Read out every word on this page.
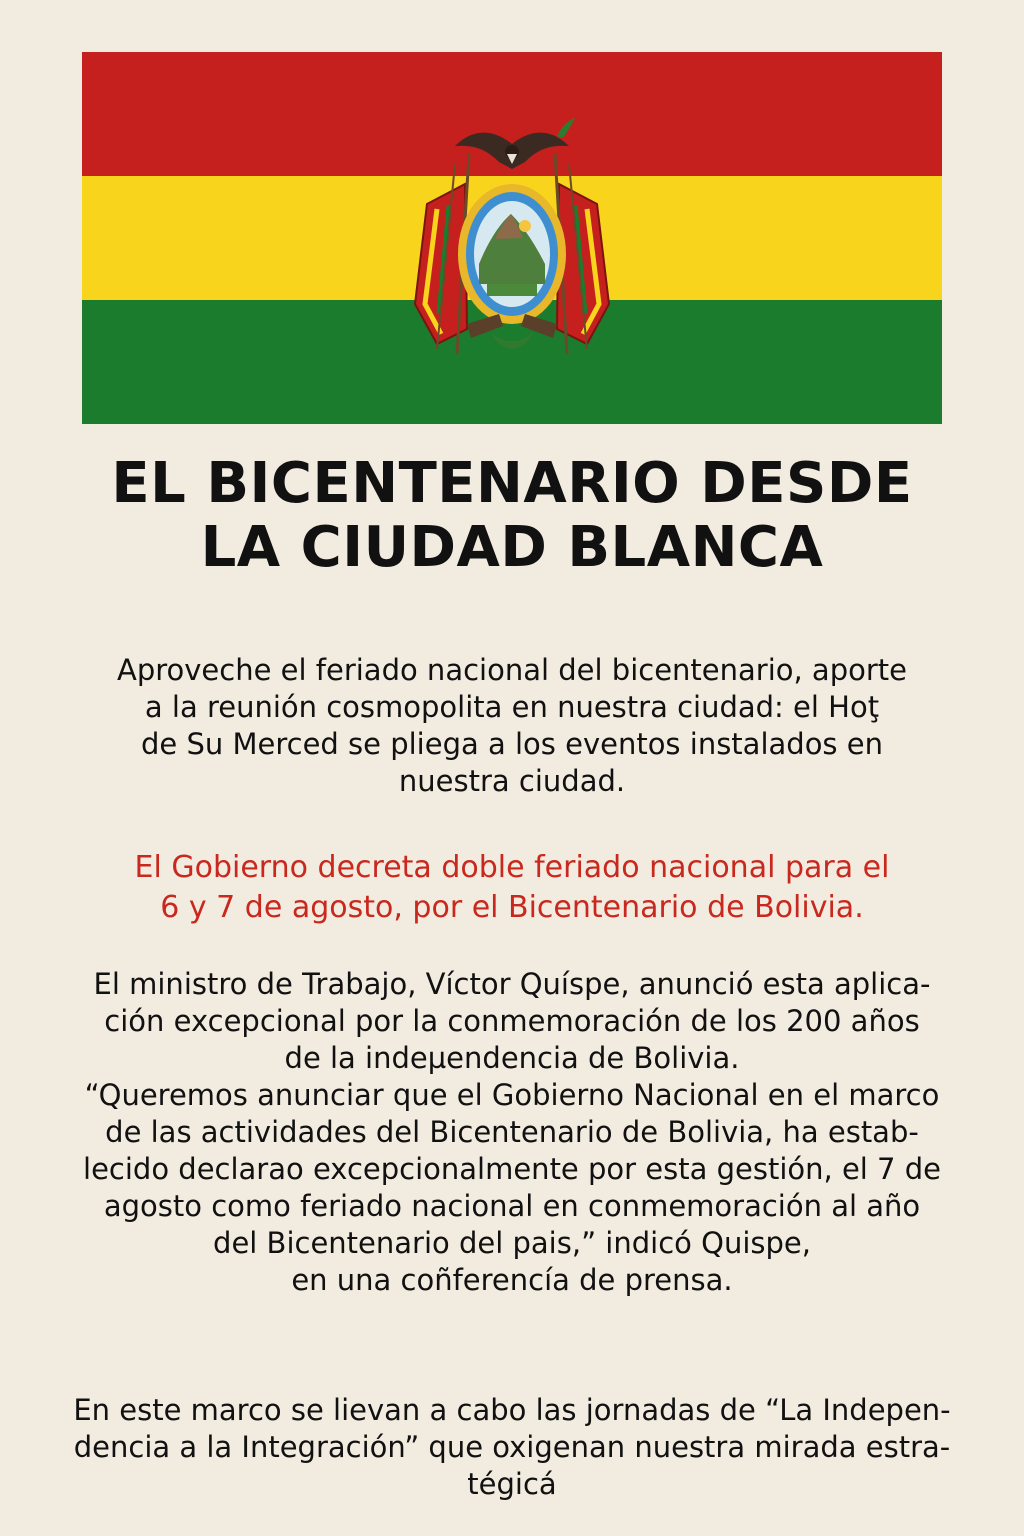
EL BICENTENARIO DESDE
LA CIUDAD BLANCA
Aproveche el feriado nacional del bicentenario, aporte
a la reunión cosmopolita en nuestra ciudad: el Hoţ
de Su Merced se pliega a los eventos instalados en
nuestra ciudad.
El Gobierno decreta doble feriado nacional para el
6 y 7 de agosto, por el Bicentenario de Bolivia.
El ministro de Trabajo, Víctor Quíspe, anunció esta aplica-
ción excepcional por la conmemoración de los 200 años
de la indeµendencia de Bolivia.
“Queremos anunciar que el Gobierno Nacional en el marco
de las actividades del Bicentenario de Bolivia, ha estab-
lecido declarao excepcionalmente por esta gestión, el 7 de
agosto como feriado nacional en conmemoración al año
del Bicentenario del pais,” indicó Quispe,
en una coñferencía de prensa.
En este marco se lievan a cabo las jornadas de “La Indepen-
dencia a la Integración” que oxigenan nuestra mirada estra-
tégicá
